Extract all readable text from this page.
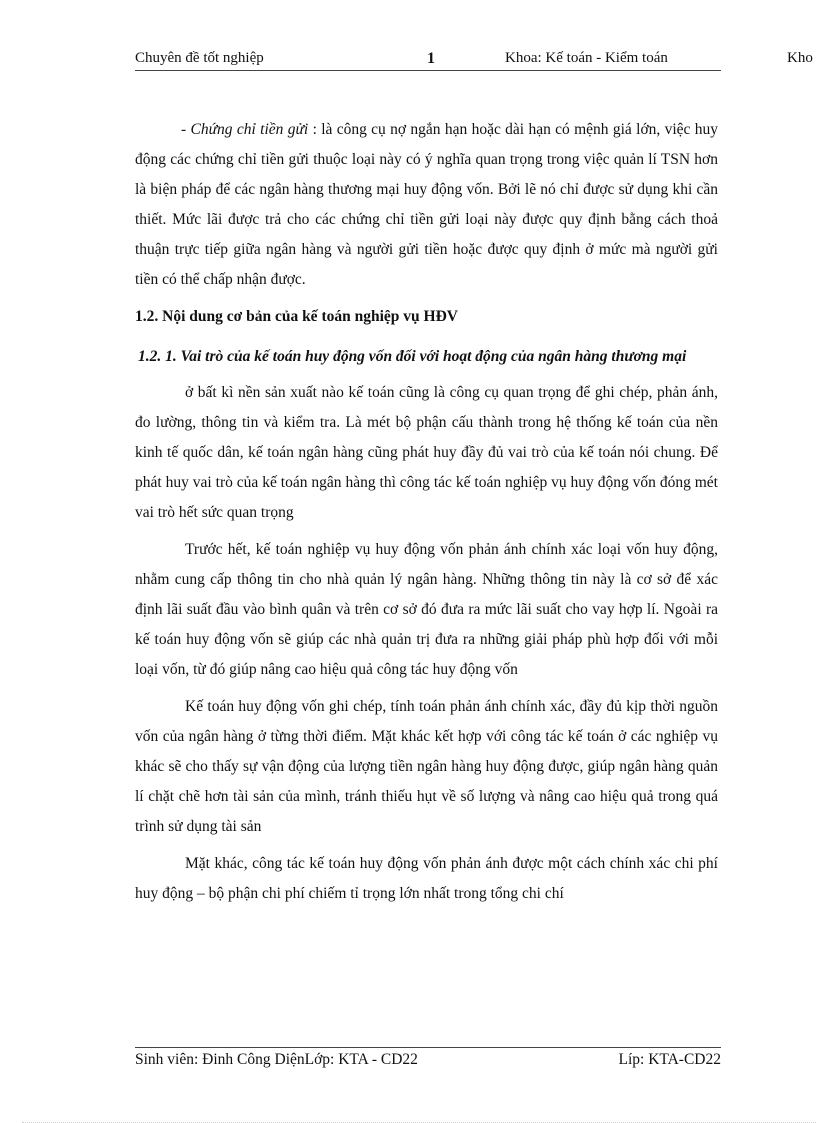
Chuyên đề tốt nghiệp	1	Khoa: Kế toán - Kiểm toán	Kho

- Chứng chỉ tiền gửi : là công cụ nợ ngắn hạn hoặc dài hạn có mệnh giá lớn, việc huy động các chứng chỉ tiền gửi thuộc loại này có ý nghĩa quan trọng trong việc quản lí TSN hơn là biện pháp để các ngân hàng thương mại huy động vốn. Bởi lẽ nó chỉ được sử dụng khi cần thiết. Mức lãi được trả cho các chứng chỉ tiền gửi loại này được quy định bằng cách thoả thuận trực tiếp giữa ngân hàng và người gửi tiền hoặc được quy định ở mức mà người gửi tiền có thể chấp nhận được.

1.2. Nội dung cơ bản của kế toán nghiệp vụ HĐV
1.2. 1. Vai trò của kế toán huy động vốn đối với hoạt động của ngân hàng thương mại

ở bất kì nền sản xuất nào kế toán cũng là công cụ quan trọng để ghi chép, phản ánh, đo lường, thông tin và kiểm tra. Là mét bộ phận cấu thành trong hệ thống kế toán của nền kinh tế quốc dân, kế toán ngân hàng cũng phát huy đầy đủ vai trò của kế toán nói chung. Để phát huy vai trò của kế toán ngân hàng thì công tác kế toán nghiệp vụ huy động vốn đóng mét vai trò hết sức quan trọng

Trước hết, kế toán nghiệp vụ huy động vốn phản ánh chính xác loại vốn huy động, nhằm cung cấp thông tin cho nhà quản lý ngân hàng. Những thông tin này là cơ sở để xác định lãi suất đầu vào bình quân và trên cơ sở đó đưa ra mức lãi suất cho vay hợp lí. Ngoài ra kế toán huy động vốn sẽ giúp các nhà quản trị đưa ra những giải pháp phù hợp đối với mỗi loại vốn, từ đó giúp nâng cao hiệu quả công tác huy động vốn

Kế toán huy động vốn ghi chép, tính toán phản ánh chính xác, đầy đủ kịp thời nguồn vốn của ngân hàng ở từng thời điểm. Mặt khác kết hợp với công tác kế toán ở các nghiệp vụ khác sẽ cho thấy sự vận động của lượng tiền ngân hàng huy động được, giúp ngân hàng quản lí chặt chẽ hơn tài sản của mình, tránh thiếu hụt về số lượng và nâng cao hiệu quả trong quá trình sử dụng tài sản

Mặt khác, công tác kế toán huy động vốn phản ánh được một cách chính xác chi phí huy động – bộ phận chi phí chiếm tỉ trọng lớn nhất trong tổng chi chí

Sinh viên: Đinh Công DiệnLớp: KTA - CD22	Líp: KTA-CD22
